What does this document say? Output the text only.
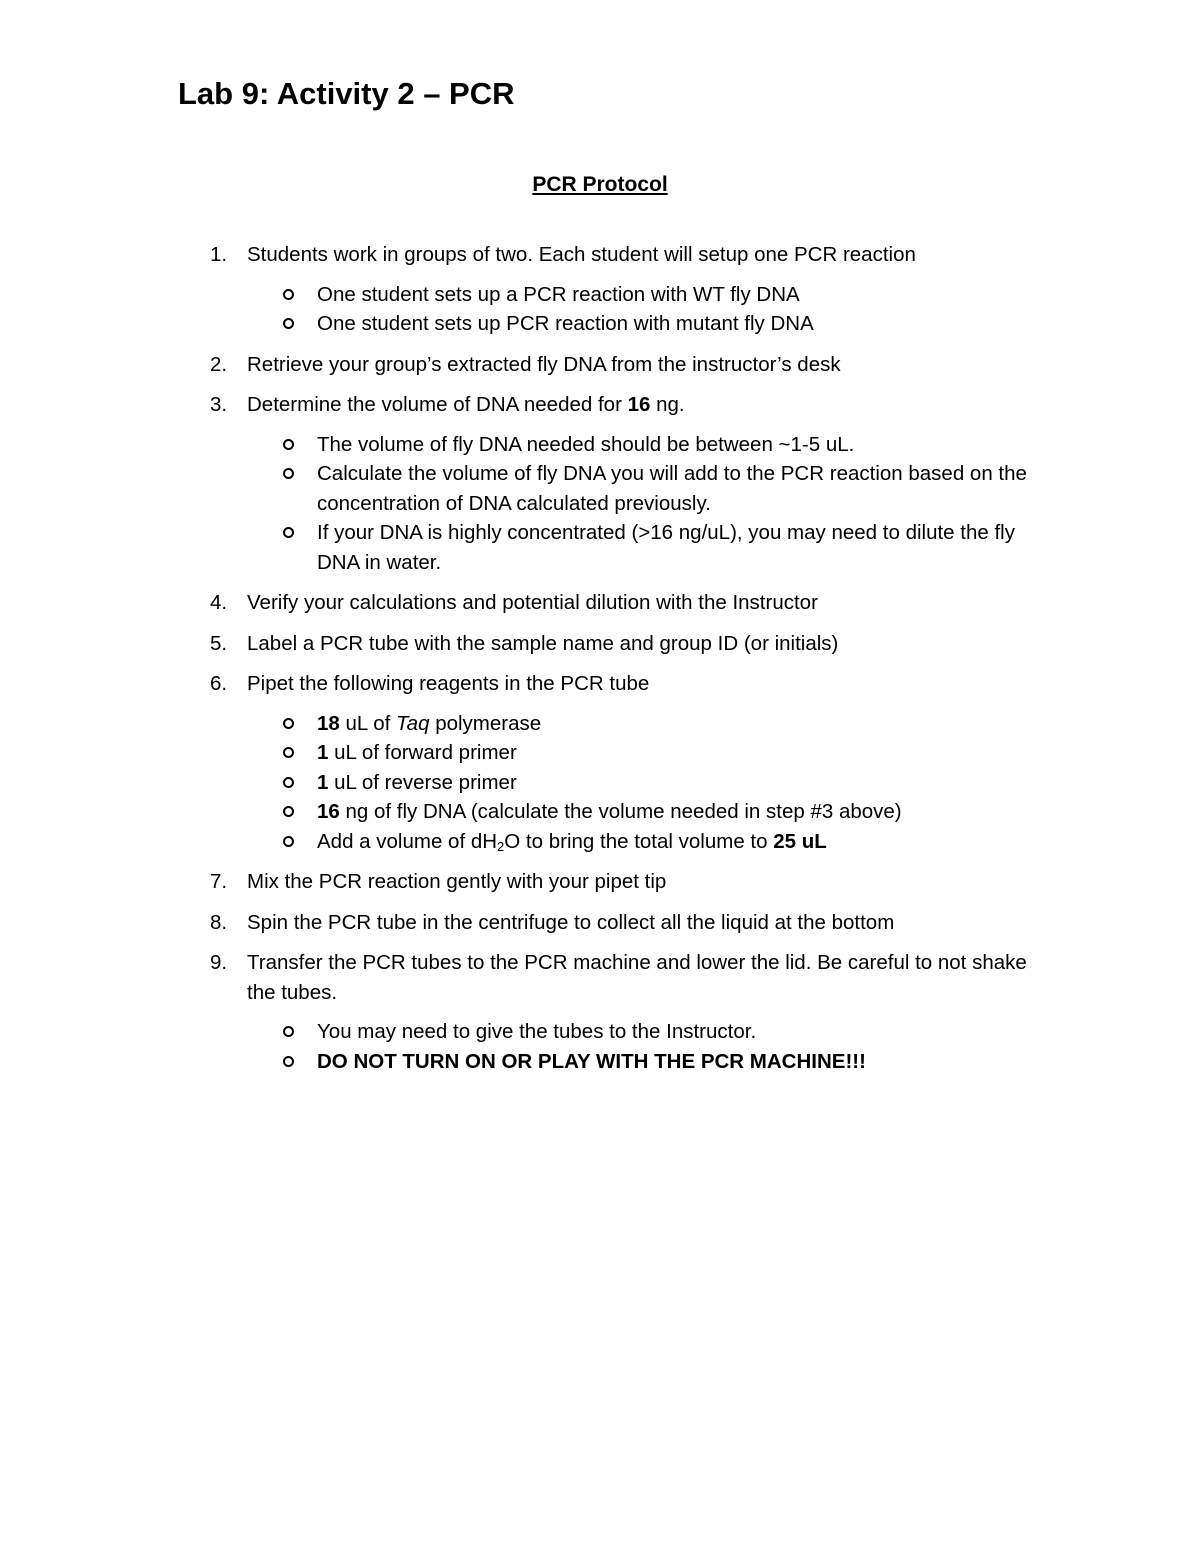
Lab 9: Activity 2 – PCR
PCR Protocol
1. Students work in groups of two. Each student will setup one PCR reaction
One student sets up a PCR reaction with WT fly DNA
One student sets up PCR reaction with mutant fly DNA
2. Retrieve your group’s extracted fly DNA from the instructor’s desk
3. Determine the volume of DNA needed for 16 ng.
The volume of fly DNA needed should be between ~1-5 uL.
Calculate the volume of fly DNA you will add to the PCR reaction based on the concentration of DNA calculated previously.
If your DNA is highly concentrated (>16 ng/uL), you may need to dilute the fly DNA in water.
4. Verify your calculations and potential dilution with the Instructor
5. Label a PCR tube with the sample name and group ID (or initials)
6. Pipet the following reagents in the PCR tube
18 uL of Taq polymerase
1 uL of forward primer
1 uL of reverse primer
16 ng of fly DNA (calculate the volume needed in step #3 above)
Add a volume of $dH_2O$ to bring the total volume to 25 uL
7. Mix the PCR reaction gently with your pipet tip
8. Spin the PCR tube in the centrifuge to collect all the liquid at the bottom
9. Transfer the PCR tubes to the PCR machine and lower the lid. Be careful to not shake the tubes.
You may need to give the tubes to the Instructor.
DO NOT TURN ON OR PLAY WITH THE PCR MACHINE!!!
